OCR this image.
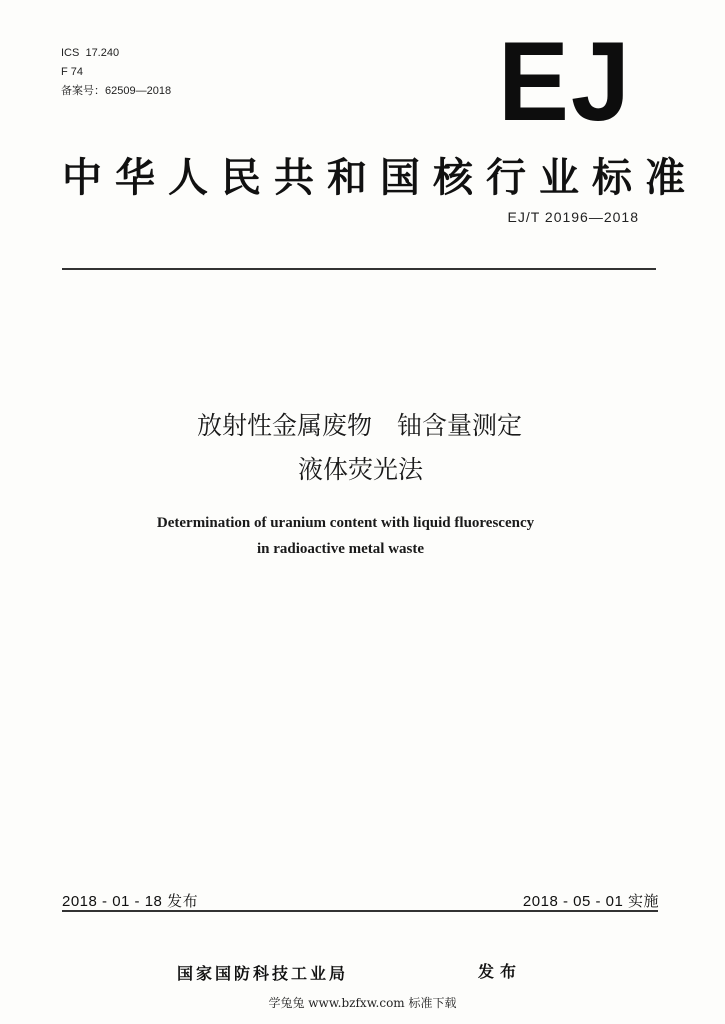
ICS  17.240
F 74
备案号：62509—2018	EJ
中华人民共和国核行业标准
EJ/T 20196—2018
放射性金属废物　铀含量测定
液体荧光法
Determination of uranium content with liquid fluorescency
in radioactive metal waste
2018 - 01 - 18 发布	2018 - 05 - 01 实施
国家国防科技工业局	发布
学兔兔 www.bzfxw.com 标准下载
